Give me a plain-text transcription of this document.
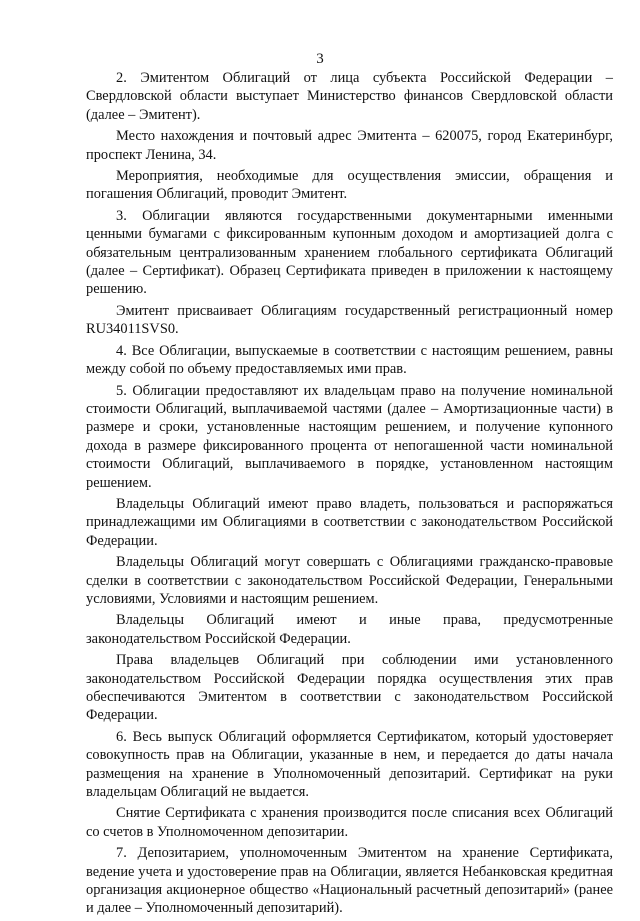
3

2. Эмитентом Облигаций от лица субъекта Российской Федерации – Свердловской области выступает Министерство финансов Свердловской области (далее – Эмитент).

Место нахождения и почтовый адрес Эмитента – 620075, город Екатеринбург, проспект Ленина, 34.

Мероприятия, необходимые для осуществления эмиссии, обращения и погашения Облигаций, проводит Эмитент.

3. Облигации являются государственными документарными именными ценными бумагами с фиксированным купонным доходом и амортизацией долга с обязательным централизованным хранением глобального сертификата Облигаций (далее – Сертификат). Образец Сертификата приведен в приложении к настоящему решению.

Эмитент присваивает Облигациям государственный регистрационный номер RU34011SVS0.

4. Все Облигации, выпускаемые в соответствии с настоящим решением, равны между собой по объему предоставляемых ими прав.

5. Облигации предоставляют их владельцам право на получение номинальной стоимости Облигаций, выплачиваемой частями (далее – Амортизационные части) в размере и сроки, установленные настоящим решением, и получение купонного дохода в размере фиксированного процента от непогашенной части номинальной стоимости Облигаций, выплачиваемого в порядке, установленном настоящим решением.

Владельцы Облигаций имеют право владеть, пользоваться и распоряжаться принадлежащими им Облигациями в соответствии с законодательством Российской Федерации.

Владельцы Облигаций могут совершать с Облигациями гражданско-правовые сделки в соответствии с законодательством Российской Федерации, Генеральными условиями, Условиями и настоящим решением.

Владельцы Облигаций имеют и иные права, предусмотренные законодательством Российской Федерации.

Права владельцев Облигаций при соблюдении ими установленного законодательством Российской Федерации порядка осуществления этих прав обеспечиваются Эмитентом в соответствии с законодательством Российской Федерации.

6. Весь выпуск Облигаций оформляется Сертификатом, который удостоверяет совокупность прав на Облигации, указанные в нем, и передается до даты начала размещения на хранение в Уполномоченный депозитарий. Сертификат на руки владельцам Облигаций не выдается.

Снятие Сертификата с хранения производится после списания всех Облигаций со счетов в Уполномоченном депозитарии.

7. Депозитарием, уполномоченным Эмитентом на хранение Сертификата, ведение учета и удостоверение прав на Облигации, является Небанковская кредитная организация акционерное общество «Национальный расчетный депозитарий» (ранее и далее – Уполномоченный депозитарий).
